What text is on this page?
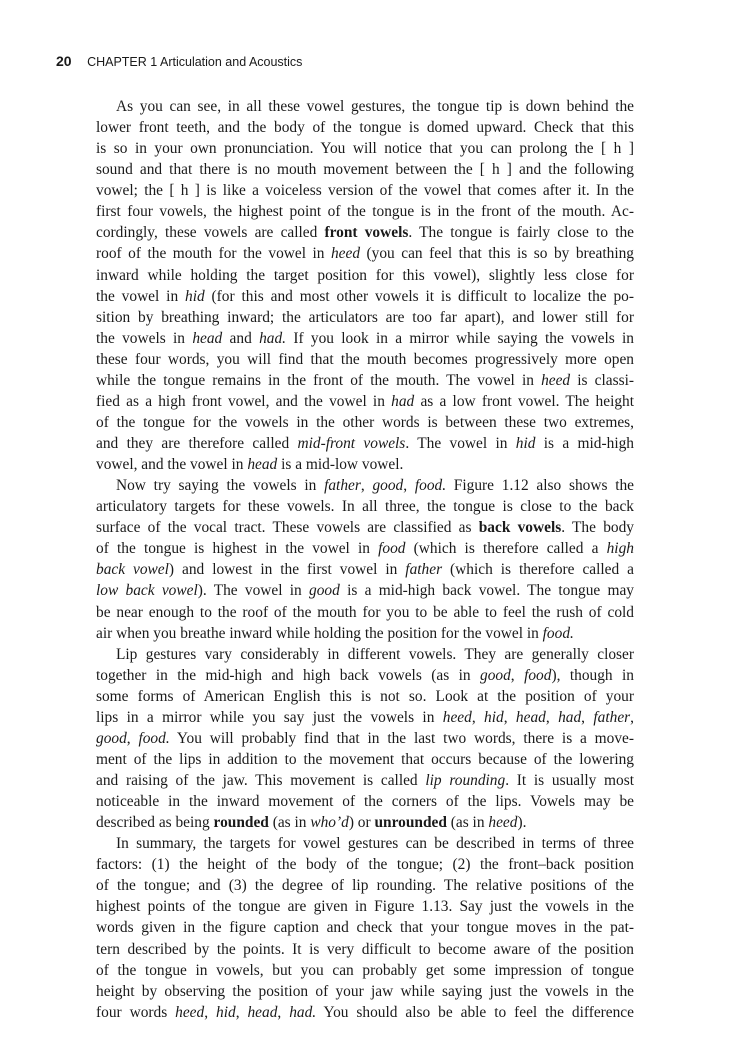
20 CHAPTER 1 Articulation and Acoustics
As you can see, in all these vowel gestures, the tongue tip is down behind the
lower front teeth, and the body of the tongue is domed upward. Check that this
is so in your own pronunciation. You will notice that you can prolong the [ h ]
sound and that there is no mouth movement between the [ h ] and the following
vowel; the [ h ] is like a voiceless version of the vowel that comes after it. In the
first four vowels, the highest point of the tongue is in the front of the mouth. Ac-
cordingly, these vowels are called front vowels. The tongue is fairly close to the
roof of the mouth for the vowel in heed (you can feel that this is so by breathing
inward while holding the target position for this vowel), slightly less close for
the vowel in hid (for this and most other vowels it is difficult to localize the po-
sition by breathing inward; the articulators are too far apart), and lower still for
the vowels in head and had. If you look in a mirror while saying the vowels in
these four words, you will find that the mouth becomes progressively more open
while the tongue remains in the front of the mouth. The vowel in heed is classi-
fied as a high front vowel, and the vowel in had as a low front vowel. The height
of the tongue for the vowels in the other words is between these two extremes,
and they are therefore called mid-front vowels. The vowel in hid is a mid-high
vowel, and the vowel in head is a mid-low vowel.
Now try saying the vowels in father, good, food. Figure 1.12 also shows the
articulatory targets for these vowels. In all three, the tongue is close to the back
surface of the vocal tract. These vowels are classified as back vowels. The body
of the tongue is highest in the vowel in food (which is therefore called a high
back vowel) and lowest in the first vowel in father (which is therefore called a
low back vowel). The vowel in good is a mid-high back vowel. The tongue may
be near enough to the roof of the mouth for you to be able to feel the rush of cold
air when you breathe inward while holding the position for the vowel in food.
Lip gestures vary considerably in different vowels. They are generally closer
together in the mid-high and high back vowels (as in good, food), though in
some forms of American English this is not so. Look at the position of your
lips in a mirror while you say just the vowels in heed, hid, head, had, father,
good, food. You will probably find that in the last two words, there is a move-
ment of the lips in addition to the movement that occurs because of the lowering
and raising of the jaw. This movement is called lip rounding. It is usually most
noticeable in the inward movement of the corners of the lips. Vowels may be
described as being rounded (as in who’d) or unrounded (as in heed).
In summary, the targets for vowel gestures can be described in terms of three
factors: (1) the height of the body of the tongue; (2) the front–back position
of the tongue; and (3) the degree of lip rounding. The relative positions of the
highest points of the tongue are given in Figure 1.13. Say just the vowels in the
words given in the figure caption and check that your tongue moves in the pat-
tern described by the points. It is very difficult to become aware of the position
of the tongue in vowels, but you can probably get some impression of tongue
height by observing the position of your jaw while saying just the vowels in the
four words heed, hid, head, had. You should also be able to feel the difference
